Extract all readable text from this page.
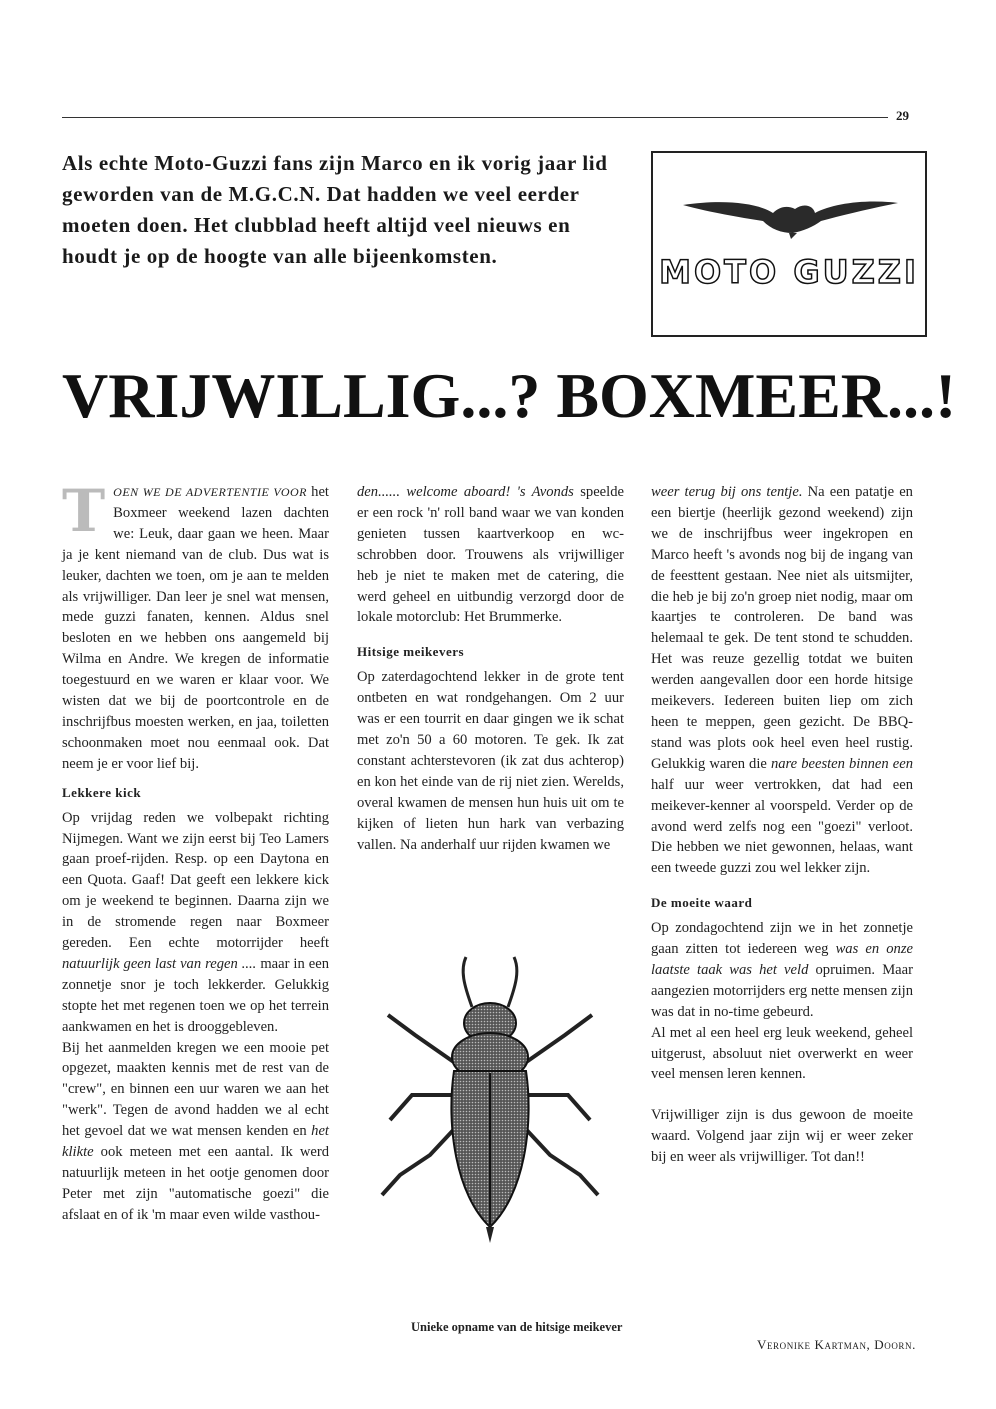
29
Als echte Moto-Guzzi fans zijn Marco en ik vorig jaar lid geworden van de M.G.C.N. Dat hadden we veel eerder moeten doen. Het clubblad heeft altijd veel nieuws en houdt je op de hoogte van alle bijeenkomsten.	MOTO GUZZI
VRIJWILLIG...? BOXMEER...!
T OEN WE DE ADVERTENTIE VOOR het Boxmeer weekend lazen dachten we: Leuk, daar gaan we heen. Maar ja je kent niemand van de club. Dus wat is leuker, dachten we toen, om je aan te melden als vrijwilliger. Dan leer je snel wat mensen, mede guzzi fanaten, kennen. Aldus snel besloten en we hebben ons aangemeld bij Wilma en Andre. We kregen de informatie toegestuurd en we waren er klaar voor. We wisten dat we bij de poortcontrole en de inschrijfbus moesten werken, en jaa, toiletten schoonmaken moet nou eenmaal ook. Dat neem je er voor lief bij.

Lekkere kick

Op vrijdag reden we volbepakt richting Nijmegen. Want we zijn eerst bij Teo Lamers gaan proef-rijden. Resp. op een Daytona en een Quota. Gaaf! Dat geeft een lekkere kick om je weekend te beginnen. Daarna zijn we in de stromende regen naar Boxmeer gereden. Een echte motorrijder heeft natuurlijk geen last van regen .... maar in een zonnetje snor je toch lekkerder. Gelukkig stopte het met regenen toen we op het terrein aankwamen en het is drooggebleven.

Bij het aanmelden kregen we een mooie pet opgezet, maakten kennis met de rest van de "crew", en binnen een uur waren we aan het "werk". Tegen de avond hadden we al echt het gevoel dat we wat mensen kenden en het klikte ook meteen met een aantal. Ik werd natuurlijk meteen in het ootje genomen door Peter met zijn "automatische goezi" die afslaat en of ik 'm maar even wilde vasthou-

den...... welcome aboard! 's Avonds speelde er een rock 'n' roll band waar we van konden genieten tussen kaartverkoop en wc-schrobben door. Trouwens als vrijwilliger heb je niet te maken met de catering, die werd geheel en uitbundig verzorgd door de lokale motorclub: Het Brummerke.

Hitsige meikevers

Op zaterdagochtend lekker in de grote tent ontbeten en wat rondgehangen. Om 2 uur was er een tourrit en daar gingen we ik schat met zo'n 50 a 60 motoren. Te gek. Ik zat constant achterstevoren (ik zat dus achterop) en kon het einde van de rij niet zien. Werelds, overal kwamen de mensen hun huis uit om te kijken of lieten hun hark van verbazing vallen. Na anderhalf uur rijden kwamen we

Unieke opname van de hitsige meikever

weer terug bij ons tentje. Na een patatje en een biertje (heerlijk gezond weekend) zijn we de inschrijfbus weer ingekropen en Marco heeft 's avonds nog bij de ingang van de feesttent gestaan. Nee niet als uitsmijter, die heb je bij zo'n groep niet nodig, maar om kaartjes te controleren. De band was helemaal te gek. De tent stond te schudden. Het was reuze gezellig totdat we buiten werden aangevallen door een horde hitsige meikevers. Iedereen buiten liep om zich heen te meppen, geen gezicht. De BBQ-stand was plots ook heel even heel rustig. Gelukkig waren die nare beesten binnen een half uur weer vertrokken, dat had een meikever-kenner al voorspeld. Verder op de avond werd zelfs nog een "goezi" verloot. Die hebben we niet gewonnen, helaas, want een tweede guzzi zou wel lekker zijn.

De moeite waard

Op zondagochtend zijn we in het zonnetje gaan zitten tot iedereen weg was en onze laatste taak was het veld opruimen. Maar aangezien motorrijders erg nette mensen zijn was dat in no-time gebeurd.

Al met al een heel erg leuk weekend, geheel uitgerust, absoluut niet overwerkt en weer veel mensen leren kennen.

Vrijwilliger zijn is dus gewoon de moeite waard. Volgend jaar zijn wij er weer zeker bij en weer als vrijwilliger. Tot dan!!

Veronike Kartman, Doorn.
